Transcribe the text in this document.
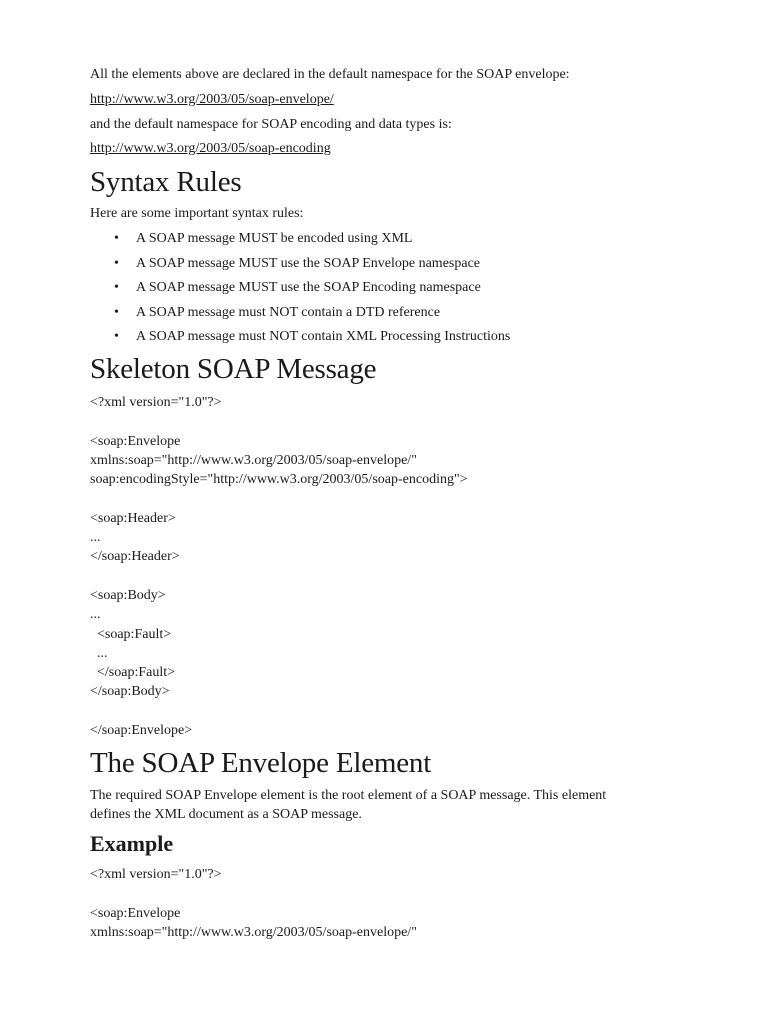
All the elements above are declared in the default namespace for the SOAP envelope:

http://www.w3.org/2003/05/soap-envelope/

and the default namespace for SOAP encoding and data types is:

http://www.w3.org/2003/05/soap-encoding
Syntax Rules

Here are some important syntax rules:

• A SOAP message MUST be encoded using XML
• A SOAP message MUST use the SOAP Envelope namespace
• A SOAP message MUST use the SOAP Encoding namespace
• A SOAP message must NOT contain a DTD reference
• A SOAP message must NOT contain XML Processing Instructions
Skeleton SOAP Message
<?xml version="1.0"?>
<soap:Envelope
xmlns:soap="http://www.w3.org/2003/05/soap-envelope/"
soap:encodingStyle="http://www.w3.org/2003/05/soap-encoding">
<soap:Header>
...
</soap:Header>
<soap:Body>
...
<soap:Fault>
...
</soap:Fault>
</soap:Body>
</soap:Envelope>
The SOAP Envelope Element

The required SOAP Envelope element is the root element of a SOAP message. This element

defines the XML document as a SOAP message.

Example
<?xml version="1.0"?>
<soap:Envelope
xmlns:soap="http://www.w3.org/2003/05/soap-envelope/"
